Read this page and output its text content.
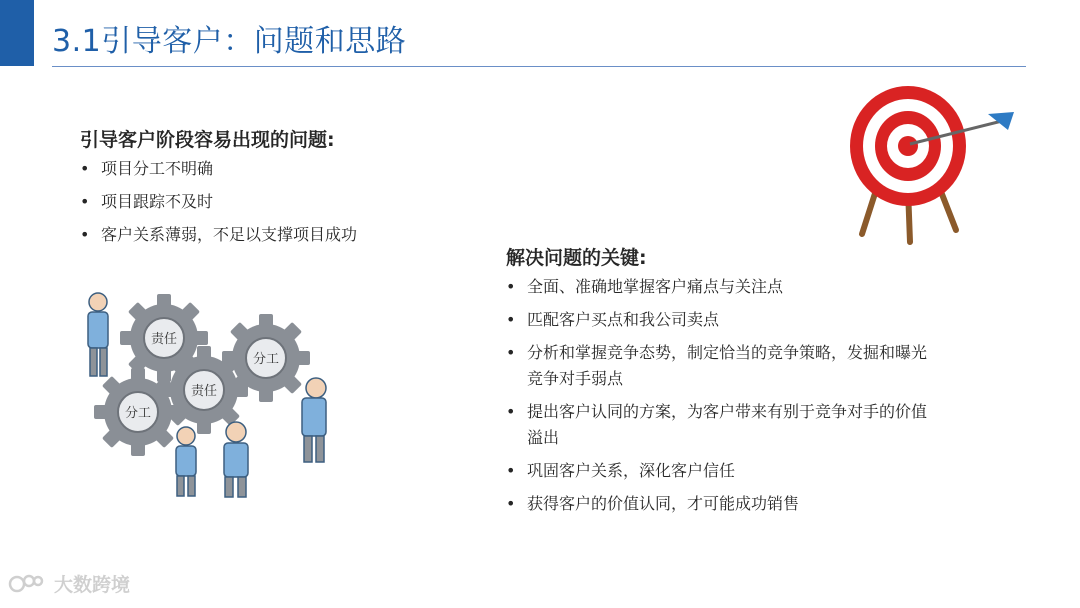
3.1引导客户：问题和思路
引导客户阶段容易出现的问题:
• 项目分工不明确
• 项目跟踪不及时
• 客户关系薄弱，不足以支撑项目成功
解决问题的关键:
• 全面、准确地掌握客户痛点与关注点
• 匹配客户买点和我公司卖点
• 分析和掌握竞争态势，制定恰当的竞争策略，发掘和曝光竞争对手弱点
• 提出客户认同的方案，为客户带来有别于竞争对手的价值溢出
• 巩固客户关系，深化客户信任
• 获得客户的价值认同，才可能成功销售
责任
分工
分工
责任
大数跨境
